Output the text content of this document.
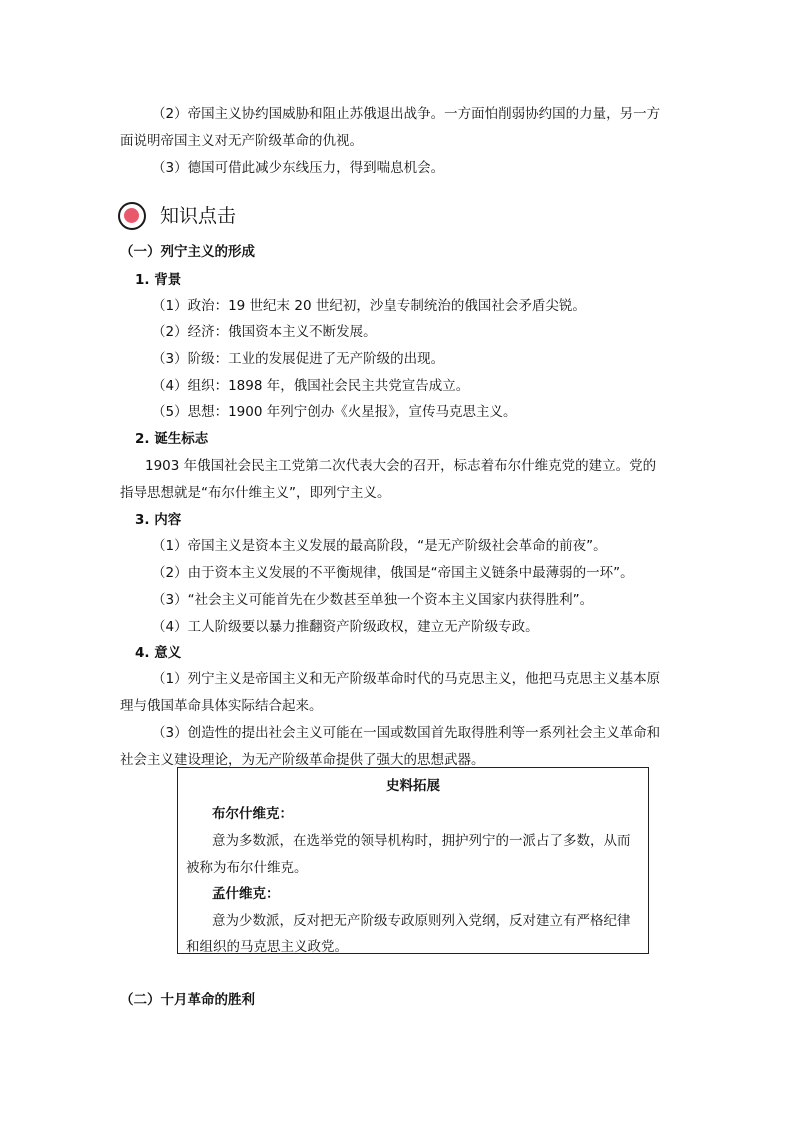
（2）帝国主义协约国威胁和阻止苏俄退出战争。一方面怕削弱协约国的力量，另一方
面说明帝国主义对无产阶级革命的仇视。
（3）德国可借此减少东线压力，得到喘息机会。
知识点击
（一）列宁主义的形成
1. 背景
（1）政治：19 世纪末 20 世纪初，沙皇专制统治的俄国社会矛盾尖锐。
（2）经济：俄国资本主义不断发展。
（3）阶级：工业的发展促进了无产阶级的出现。
（4）组织：1898 年，俄国社会民主共党宣告成立。
（5）思想：1900 年列宁创办《火星报》，宣传马克思主义。
2. 诞生标志
1903 年俄国社会民主工党第二次代表大会的召开，标志着布尔什维克党的建立。党的
指导思想就是“布尔什维主义”，即列宁主义。
3. 内容
（1）帝国主义是资本主义发展的最高阶段，“是无产阶级社会革命的前夜”。
（2）由于资本主义发展的不平衡规律，俄国是“帝国主义链条中最薄弱的一环”。
（3）“社会主义可能首先在少数甚至单独一个资本主义国家内获得胜利”。
（4）工人阶级要以暴力推翻资产阶级政权，建立无产阶级专政。
4. 意义
（1）列宁主义是帝国主义和无产阶级革命时代的马克思主义，他把马克思主义基本原
理与俄国革命具体实际结合起来。
（3）创造性的提出社会主义可能在一国或数国首先取得胜利等一系列社会主义革命和
社会主义建设理论，为无产阶级革命提供了强大的思想武器。
史料拓展
布尔什维克：
意为多数派，在选举党的领导机构时，拥护列宁的一派占了多数，从而
被称为布尔什维克。
孟什维克：
意为少数派，反对把无产阶级专政原则列入党纲，反对建立有严格纪律
和组织的马克思主义政党。
（二）十月革命的胜利
